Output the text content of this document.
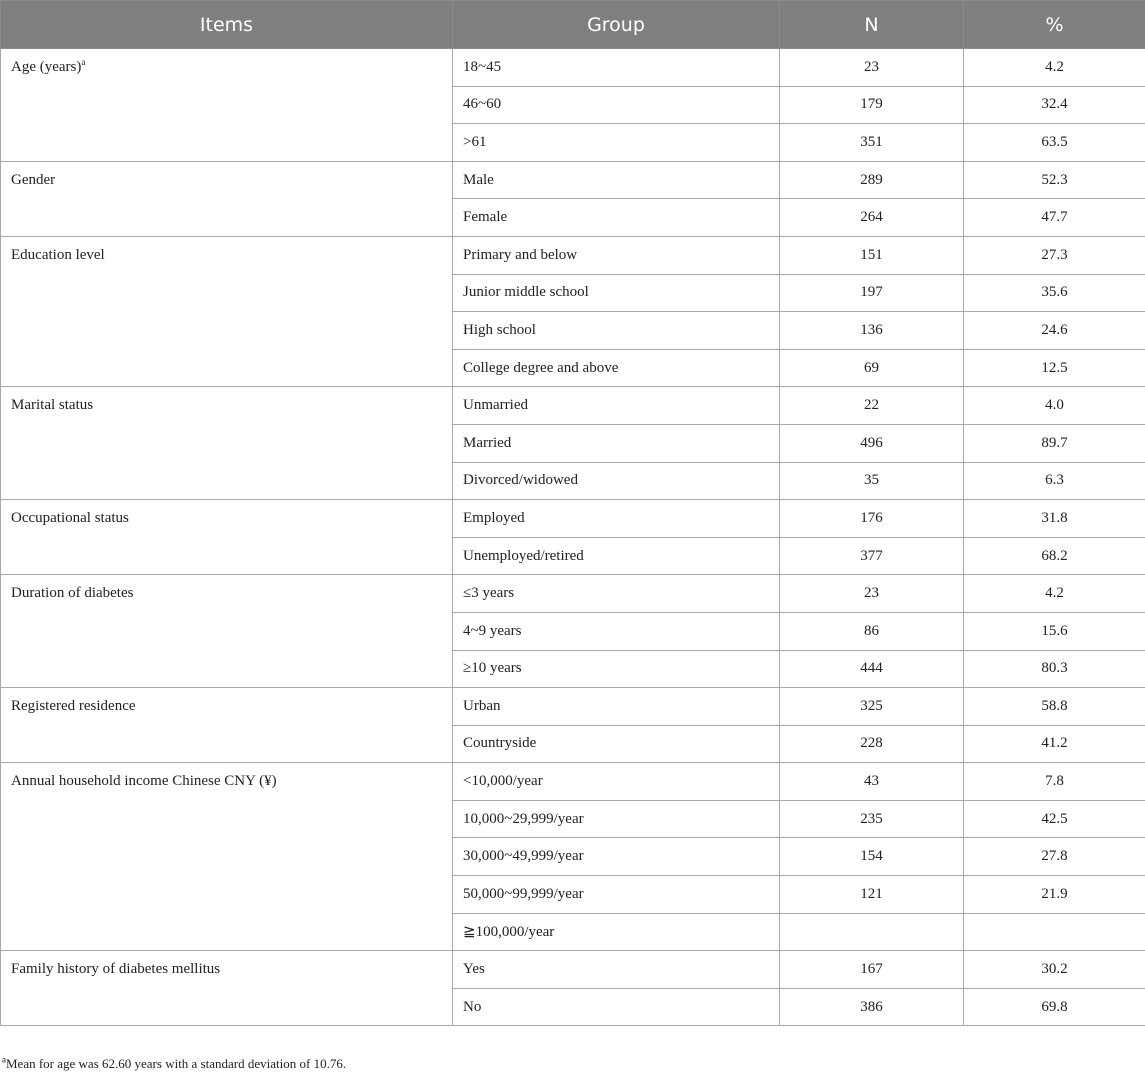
Items	Group	N	%
Age (years)$^a$	18~45	23	4.2
	46~60	179	32.4
	>61	351	63.5
Gender	Male	289	52.3
	Female	264	47.7
Education level	Primary and below	151	27.3
	Junior middle school	197	35.6
	High school	136	24.6
	College degree and above	69	12.5
Marital status	Unmarried	22	4.0
	Married	496	89.7
	Divorced/widowed	35	6.3
Occupational status	Employed	176	31.8
	Unemployed/retired	377	68.2
Duration of diabetes	≤3 years	23	4.2
	4~9 years	86	15.6
	≥10 years	444	80.3
Registered residence	Urban	325	58.8
	Countryside	228	41.2
Annual household income Chinese CNY (¥)	<10,000/year	43	7.8
	10,000~29,999/year	235	42.5
	30,000~49,999/year	154	27.8
	50,000~99,999/year	121	21.9
	≧100,000/year		
Family history of diabetes mellitus	Yes	167	30.2
	No	386	69.8
$^a$Mean for age was 62.60 years with a standard deviation of 10.76.
